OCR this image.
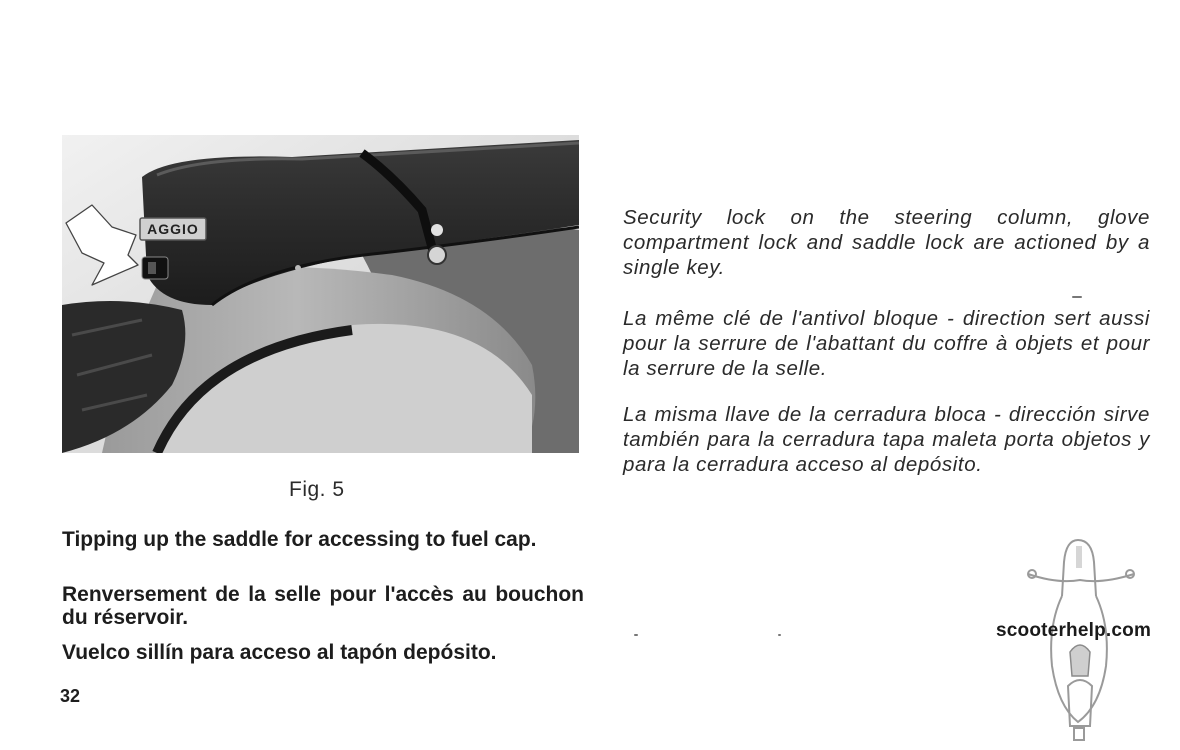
AGGIO
Fig. 5
Tipping up the saddle for accessing to fuel cap.
Renversement de la selle pour l'accès au bouchon du réservoir.
Vuelco sillín para acceso al tapón depósito.
32
Security lock on the steering column, glove compartment lock and saddle lock are actioned by a single key.
La même clé de l'antivol bloque - direction sert aussi pour la serrure de l'abattant du coffre à objets et pour la serrure de la selle.
La misma llave de la cerradura bloca - dirección sirve también para la cerradura tapa maleta porta objetos y para la cerradura acceso al depósito.
scooterhelp.com
